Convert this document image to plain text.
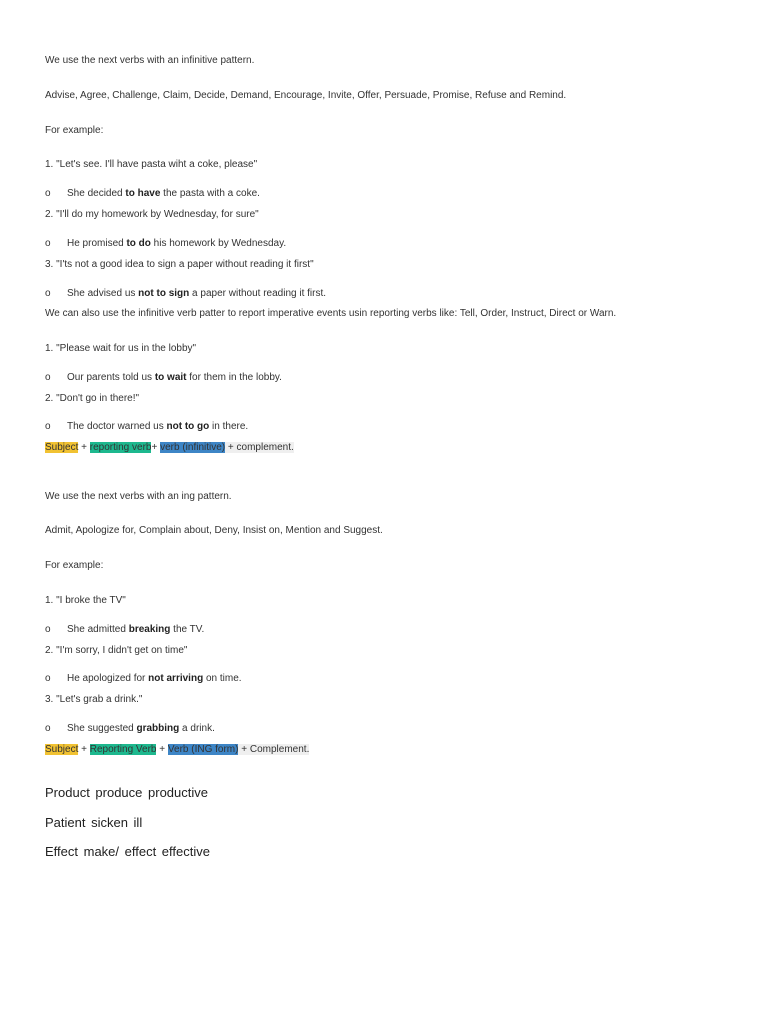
We use the next verbs with an infinitive pattern.
Advise, Agree, Challenge, Claim, Decide, Demand, Encourage, Invite, Offer, Persuade, Promise, Refuse and Remind.
For example:
1. "Let's see. I'll have pasta wiht a coke, please"
o She decided to have the pasta with a coke.
2. "I'll do my homework by Wednesday, for sure"
o He promised to do his homework by Wednesday.
3. "I'ts not a good idea to sign a paper without reading it first"
o She advised us not to sign a paper without reading it first.
We can also use the infinitive verb patter to report imperative events usin reporting verbs like: Tell, Order, Instruct, Direct or Warn.
1. "Please wait for us in the lobby"
o Our parents told us to wait for them in the lobby.
2. "Don't go in there!"
o The doctor warned us not to go in there.
Subject + reporting verb+ verb (infinitive) + complement.
We use the next verbs with an ing pattern.
Admit, Apologize for, Complain about, Deny, Insist on, Mention and Suggest.
For example:
1. "I broke the TV"
o She admitted breaking the TV.
2. "I'm sorry, I didn't get on time"
o He apologized for not arriving on time.
3. "Let's grab a drink."
o She suggested grabbing a drink.
Subject + Reporting Verb + Verb (ING form) + Complement.
Product produce productive
Patient sicken ill
Effect make/ effect effective
